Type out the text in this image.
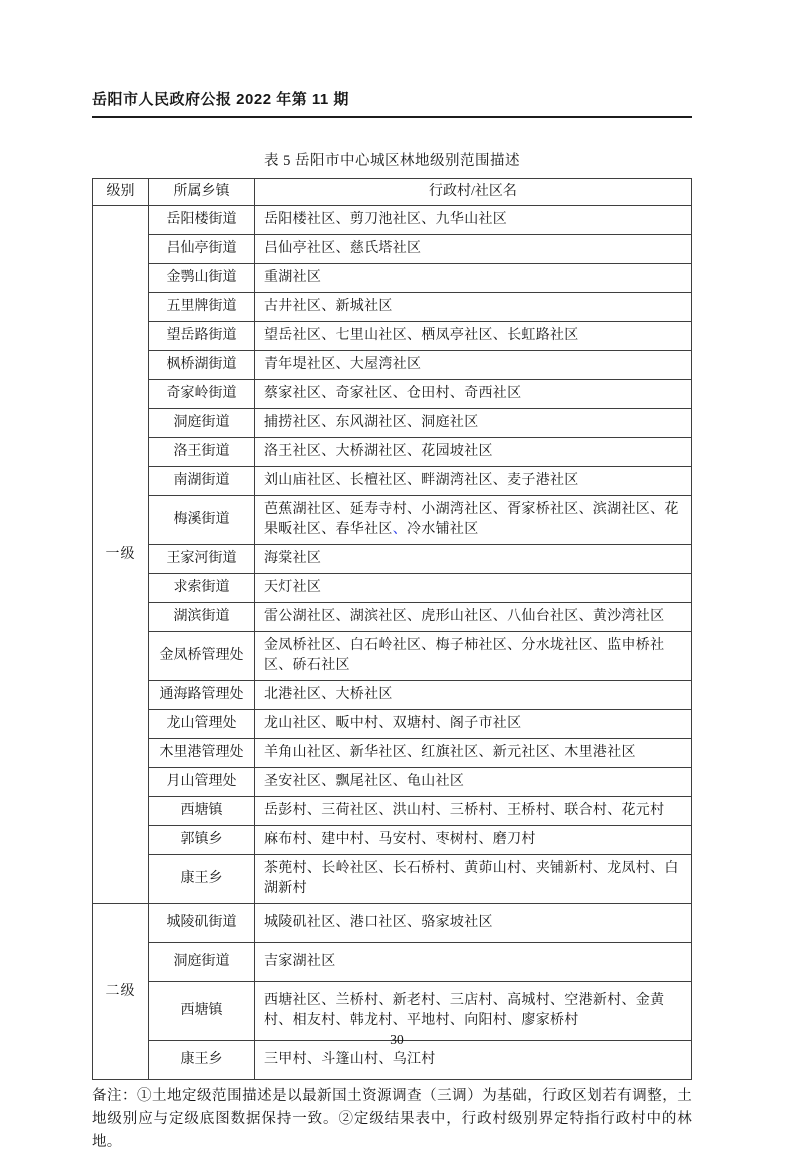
岳阳市人民政府公报 2022 年第 11 期
表 5 岳阳市中心城区林地级别范围描述
级别	所属乡镇	行政村/社区名
一级	岳阳楼街道	岳阳楼社区、剪刀池社区、九华山社区
	吕仙亭街道	吕仙亭社区、慈氏塔社区
	金鹗山街道	重湖社区
	五里牌街道	古井社区、新城社区
	望岳路街道	望岳社区、七里山社区、栖凤亭社区、长虹路社区
	枫桥湖街道	青年堤社区、大屋湾社区
	奇家岭街道	蔡家社区、奇家社区、仓田村、奇西社区
	洞庭街道	捕捞社区、东风湖社区、洞庭社区
	洛王街道	洛王社区、大桥湖社区、花园坡社区
	南湖街道	刘山庙社区、长檀社区、畔湖湾社区、麦子港社区
	梅溪街道	芭蕉湖社区、延寿寺村、小湖湾社区、胥家桥社区、滨湖社区、花果畈社区、春华社区、冷水铺社区
	王家河街道	海棠社区
	求索街道	天灯社区
	湖滨街道	雷公湖社区、湖滨社区、虎形山社区、八仙台社区、黄沙湾社区
	金凤桥管理处	金凤桥社区、白石岭社区、梅子柿社区、分水垅社区、监申桥社区、硚石社区
	通海路管理处	北港社区、大桥社区
	龙山管理处	龙山社区、畈中村、双塘村、阁子市社区
	木里港管理处	羊角山社区、新华社区、红旗社区、新元社区、木里港社区
	月山管理处	圣安社区、飘尾社区、龟山社区
	西塘镇	岳彭村、三荷社区、洪山村、三桥村、王桥村、联合村、花元村
	郭镇乡	麻布村、建中村、马安村、枣树村、磨刀村
	康王乡	茶蔸村、长岭社区、长石桥村、黄茆山村、夹铺新村、龙凤村、白湖新村
二级	城陵矶街道	城陵矶社区、港口社区、骆家坡社区
	洞庭街道	吉家湖社区
	西塘镇	西塘社区、兰桥村、新老村、三店村、高城村、空港新村、金黄村、相友村、韩龙村、平地村、向阳村、廖家桥村
	康王乡	三甲村、斗篷山村、乌江村
备注：①土地定级范围描述是以最新国土资源调查（三调）为基础，行政区划若有调整，土地级别应与定级底图数据保持一致。②定级结果表中，行政村级别界定特指行政村中的林地。
30
